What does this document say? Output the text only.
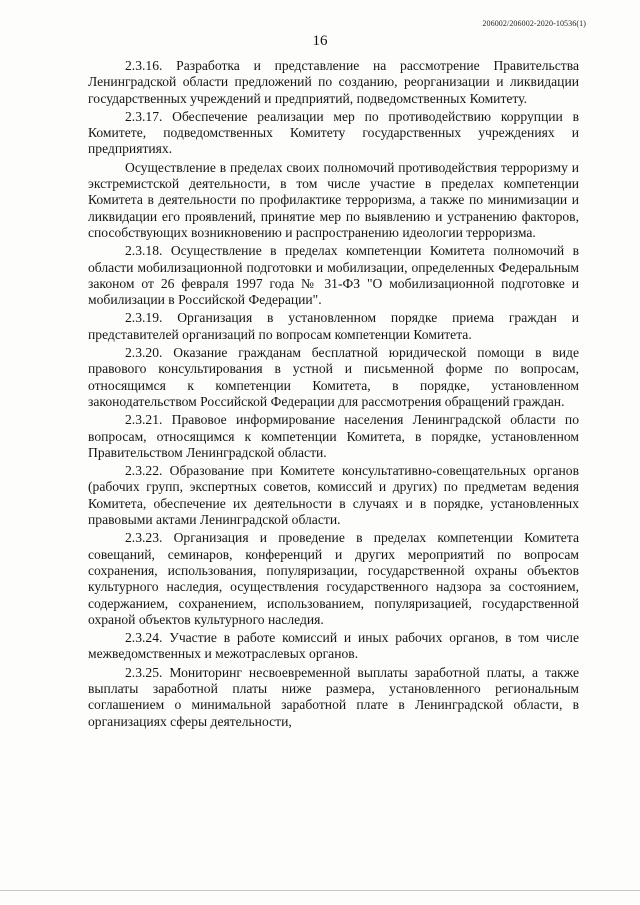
206002/206002-2020-10536(1)
16

2.3.16. Разработка и представление на рассмотрение Правительства Ленинградской области предложений по созданию, реорганизации и ликвидации государственных учреждений и предприятий, подведомственных Комитету.

2.3.17. Обеспечение реализации мер по противодействию коррупции в Комитете, подведомственных Комитету государственных учреждениях и предприятиях.

Осуществление в пределах своих полномочий противодействия терроризму и экстремистской деятельности, в том числе участие в пределах компетенции Комитета в деятельности по профилактике терроризма, а также по минимизации и ликвидации его проявлений, принятие мер по выявлению и устранению факторов, способствующих возникновению и распространению идеологии терроризма.

2.3.18. Осуществление в пределах компетенции Комитета полномочий в области мобилизационной подготовки и мобилизации, определенных Федеральным законом от 26 февраля 1997 года № 31-ФЗ "О мобилизационной подготовке и мобилизации в Российской Федерации".

2.3.19. Организация в установленном порядке приема граждан и представителей организаций по вопросам компетенции Комитета.

2.3.20. Оказание гражданам бесплатной юридической помощи в виде правового консультирования в устной и письменной форме по вопросам, относящимся к компетенции Комитета, в порядке, установленном законодательством Российской Федерации для рассмотрения обращений граждан.

2.3.21. Правовое информирование населения Ленинградской области по вопросам, относящимся к компетенции Комитета, в порядке, установленном Правительством Ленинградской области.

2.3.22. Образование при Комитете консультативно-совещательных органов (рабочих групп, экспертных советов, комиссий и других) по предметам ведения Комитета, обеспечение их деятельности в случаях и в порядке, установленных правовыми актами Ленинградской области.

2.3.23. Организация и проведение в пределах компетенции Комитета совещаний, семинаров, конференций и других мероприятий по вопросам сохранения, использования, популяризации, государственной охраны объектов культурного наследия, осуществления государственного надзора за состоянием, содержанием, сохранением, использованием, популяризацией, государственной охраной объектов культурного наследия.

2.3.24. Участие в работе комиссий и иных рабочих органов, в том числе межведомственных и межотраслевых органов.

2.3.25. Мониторинг несвоевременной выплаты заработной платы, а также выплаты заработной платы ниже размера, установленного региональным соглашением о минимальной заработной плате в Ленинградской области, в организациях сферы деятельности,
